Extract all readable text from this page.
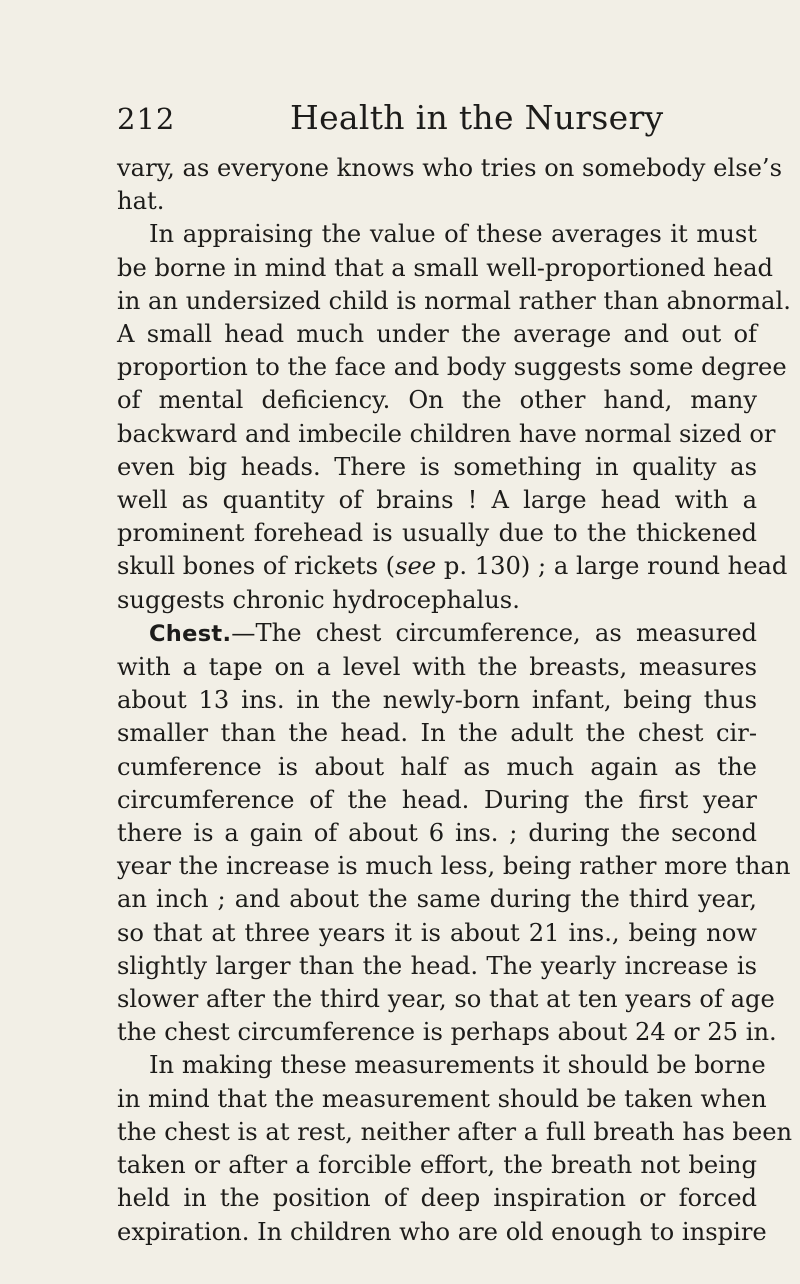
212	Health in the Nursery
vary, as everyone knows who tries on somebody else’s
hat.
In appraising the value of these averages it must
be borne in mind that a small well-proportioned head
in an undersized child is normal rather than abnormal.
A small head much under the average and out of
proportion to the face and body suggests some degree
of mental deficiency. On the other hand, many
backward and imbecile children have normal sized or
even big heads. There is something in quality as
well as quantity of brains ! A large head with a
prominent forehead is usually due to the thickened
skull bones of rickets (see p. 130) ; a large round head
suggests chronic hydrocephalus.
Chest.—The chest circumference, as measured
with a tape on a level with the breasts, measures
about 13 ins. in the newly-born infant, being thus
smaller than the head. In the adult the chest cir-
cumference is about half as much again as the
circumference of the head. During the first year
there is a gain of about 6 ins. ; during the second
year the increase is much less, being rather more than
an inch ; and about the same during the third year,
so that at three years it is about 21 ins., being now
slightly larger than the head. The yearly increase is
slower after the third year, so that at ten years of age
the chest circumference is perhaps about 24 or 25 in.
In making these measurements it should be borne
in mind that the measurement should be taken when
the chest is at rest, neither after a full breath has been
taken or after a forcible effort, the breath not being
held in the position of deep inspiration or forced
expiration. In children who are old enough to inspire
